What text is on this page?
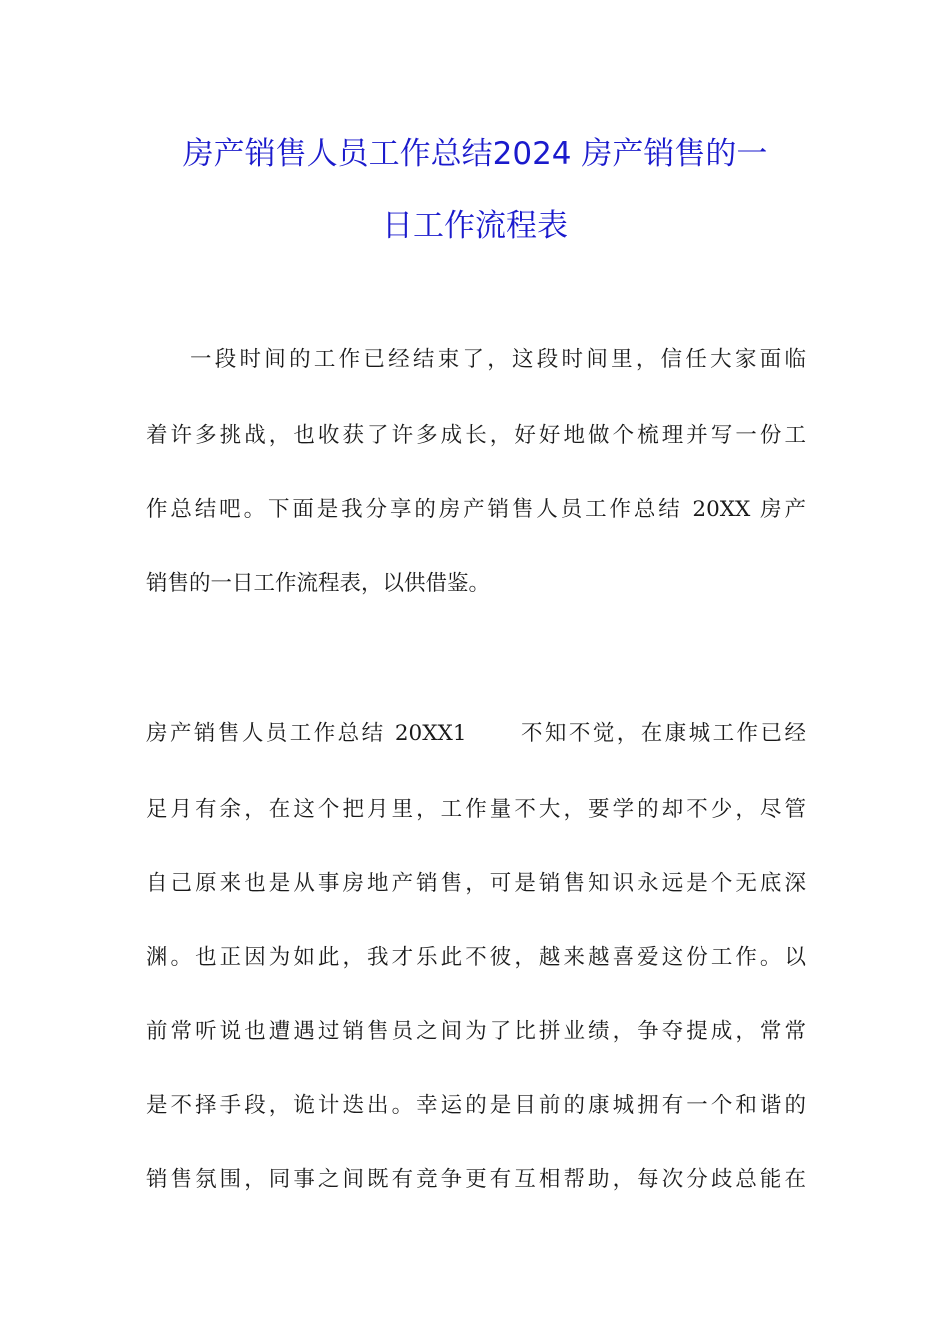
房产销售人员工作总结2024 房产销售的一
日工作流程表
一段时间的工作已经结束了，这段时间里，信任大家面临
着许多挑战，也收获了许多成长，好好地做个梳理并写一份工
作总结吧。下面是我分享的房产销售人员工作总结 20XX 房产
销售的一日工作流程表，以供借鉴。
房产销售人员工作总结 20XX1 不知不觉，在康城工作已经
足月有余，在这个把月里，工作量不大，要学的却不少，尽管
自己原来也是从事房地产销售，可是销售知识永远是个无底深
渊。也正因为如此，我才乐此不彼，越来越喜爱这份工作。以
前常听说也遭遇过销售员之间为了比拼业绩，争夺提成，常常
是不择手段，诡计迭出。幸运的是目前的康城拥有一个和谐的
销售氛围，同事之间既有竞争更有互相帮助，每次分歧总能在
